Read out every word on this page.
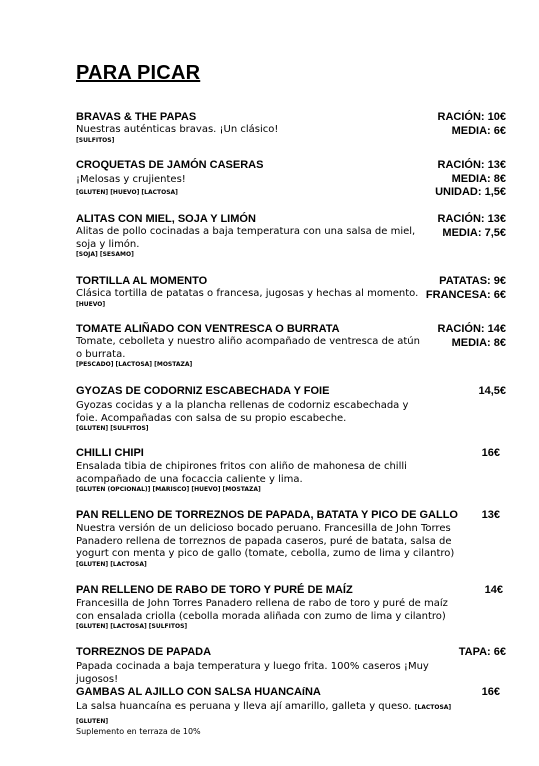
PARA PICAR
BRAVAS & THE PAPAS
Nuestras auténticas bravas. ¡Un clásico!
[SULFITOS]
RACIÓN: 10€
MEDIA: 6€
CROQUETAS DE JAMÓN CASERAS
¡Melosas y crujientes!
[GLUTEN] [HUEVO] [LACTOSA]
RACIÓN: 13€
MEDIA: 8€
UNIDAD: 1,5€
ALITAS CON MIEL, SOJA Y LIMÓN
Alitas de pollo cocinadas a baja temperatura con una salsa de miel, soja y limón.
[SOJA] [SESAMO]
RACIÓN: 13€
MEDIA: 7,5€
TORTILLA AL MOMENTO
Clásica tortilla de patatas o francesa, jugosas y hechas al momento.
[HUEVO]
PATATAS: 9€
FRANCESA: 6€
TOMATE ALIÑADO CON VENTRESCA O BURRATA
Tomate, cebolleta y nuestro aliño acompañado de ventresca de atún o burrata.
[PESCADO] [LACTOSA] [MOSTAZA]
RACIÓN: 14€
MEDIA: 8€
GYOZAS DE CODORNIZ ESCABECHADA Y FOIE
Gyozas cocidas y a la plancha rellenas de codorniz escabechada y foie. Acompañadas con salsa de su propio escabeche.
[GLUTEN] [SULFITOS]
14,5€
CHILLI CHIPI
Ensalada tibia de chipirones fritos con aliño de mahonesa de chilli acompañado de una focaccia caliente y lima.
[GLUTEN (OPCIONAL)] [MARISCO] [HUEVO] [MOSTAZA]
16€
PAN RELLENO DE TORREZNOS DE PAPADA, BATATA Y PICO DE GALLO
Nuestra versión de un delicioso bocado peruano. Francesilla de John Torres Panadero rellena de torreznos de papada caseros, puré de batata, salsa de yogurt con menta y pico de gallo (tomate, cebolla, zumo de lima y cilantro)
[GLUTEN] [LACTOSA]
13€
PAN RELLENO DE RABO DE TORO Y PURÉ DE MAÍZ
Francesilla de John Torres Panadero rellena de rabo de toro y puré de maíz con ensalada criolla (cebolla morada aliñada con zumo de lima y cilantro)
[GLUTEN] [LACTOSA] [SULFITOS]
14€
TORREZNOS DE PAPADA
Papada cocinada a baja temperatura y luego frita. 100% caseros ¡Muy jugosos!
TAPA: 6€
GAMBAS AL AJILLO CON SALSA HUANCAíNA
La salsa huancaína es peruana y lleva ají amarillo, galleta y queso. [LACTOSA] [GLUTEN]
16€
Suplemento en terraza de 10%
